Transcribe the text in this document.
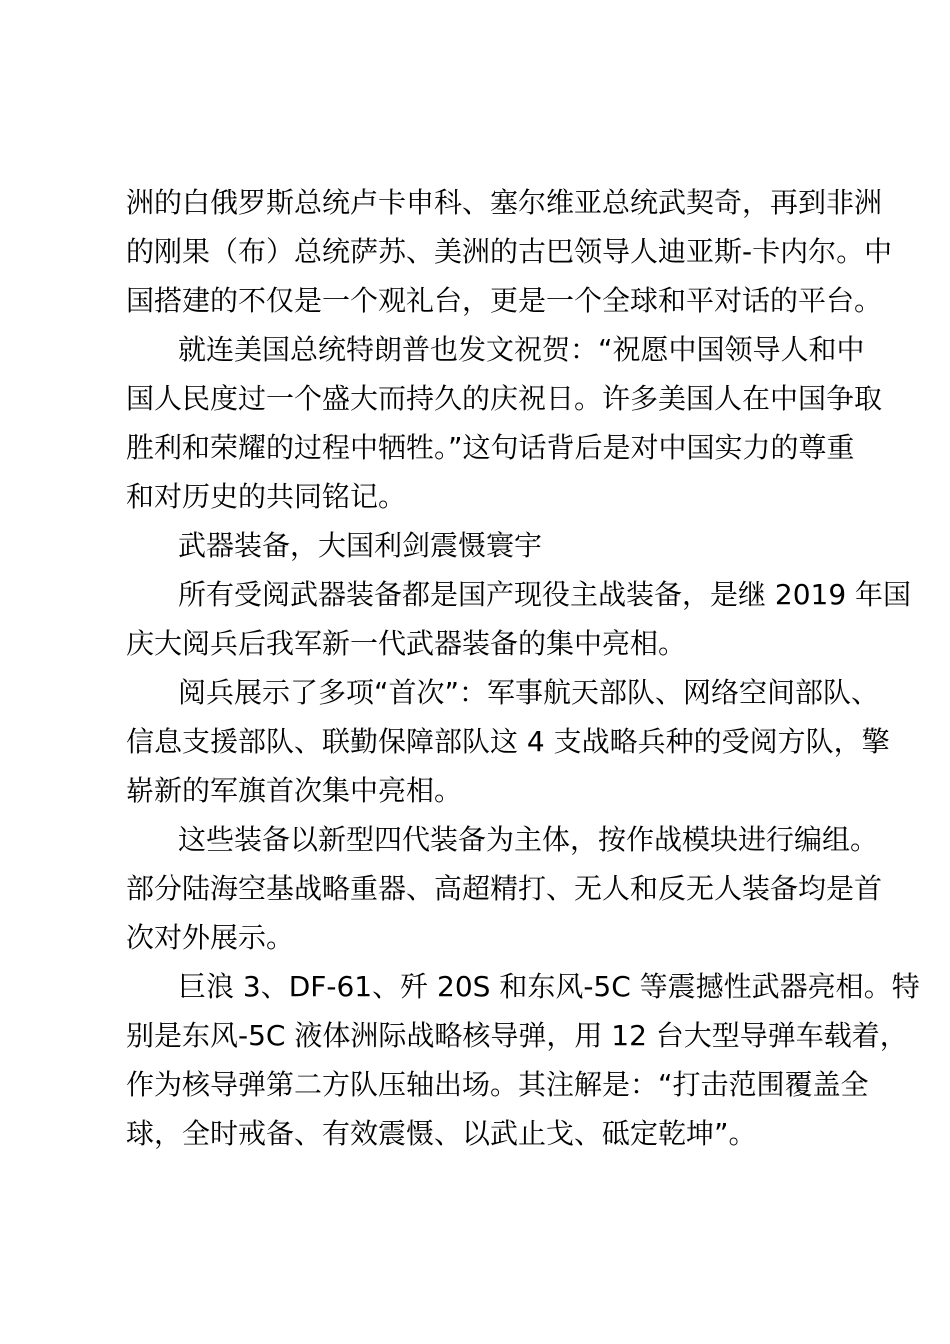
洲的白俄罗斯总统卢卡申科、塞尔维亚总统武契奇，再到非洲

的刚果（布）总统萨苏、美洲的古巴领导人迪亚斯-卡内尔。中

国搭建的不仅是一个观礼台，更是一个全球和平对话的平台。

就连美国总统特朗普也发文祝贺：“祝愿中国领导人和中

国人民度过一个盛大而持久的庆祝日。许多美国人在中国争取

胜利和荣耀的过程中牺牲。”这句话背后是对中国实力的尊重

和对历史的共同铭记。

武器装备，大国利剑震慑寰宇

所有受阅武器装备都是国产现役主战装备，是继 2019 年国

庆大阅兵后我军新一代武器装备的集中亮相。

阅兵展示了多项“首次”：军事航天部队、网络空间部队、

信息支援部队、联勤保障部队这 4 支战略兵种的受阅方队，擎

崭新的军旗首次集中亮相。

这些装备以新型四代装备为主体，按作战模块进行编组。

部分陆海空基战略重器、高超精打、无人和反无人装备均是首

次对外展示。

巨浪 3、DF-61、歼 20S 和东风-5C 等震撼性武器亮相。特

别是东风-5C 液体洲际战略核导弹，用 12 台大型导弹车载着，

作为核导弹第二方队压轴出场。其注解是：“打击范围覆盖全

球，全时戒备、有效震慑、以武止戈、砥定乾坤”。
